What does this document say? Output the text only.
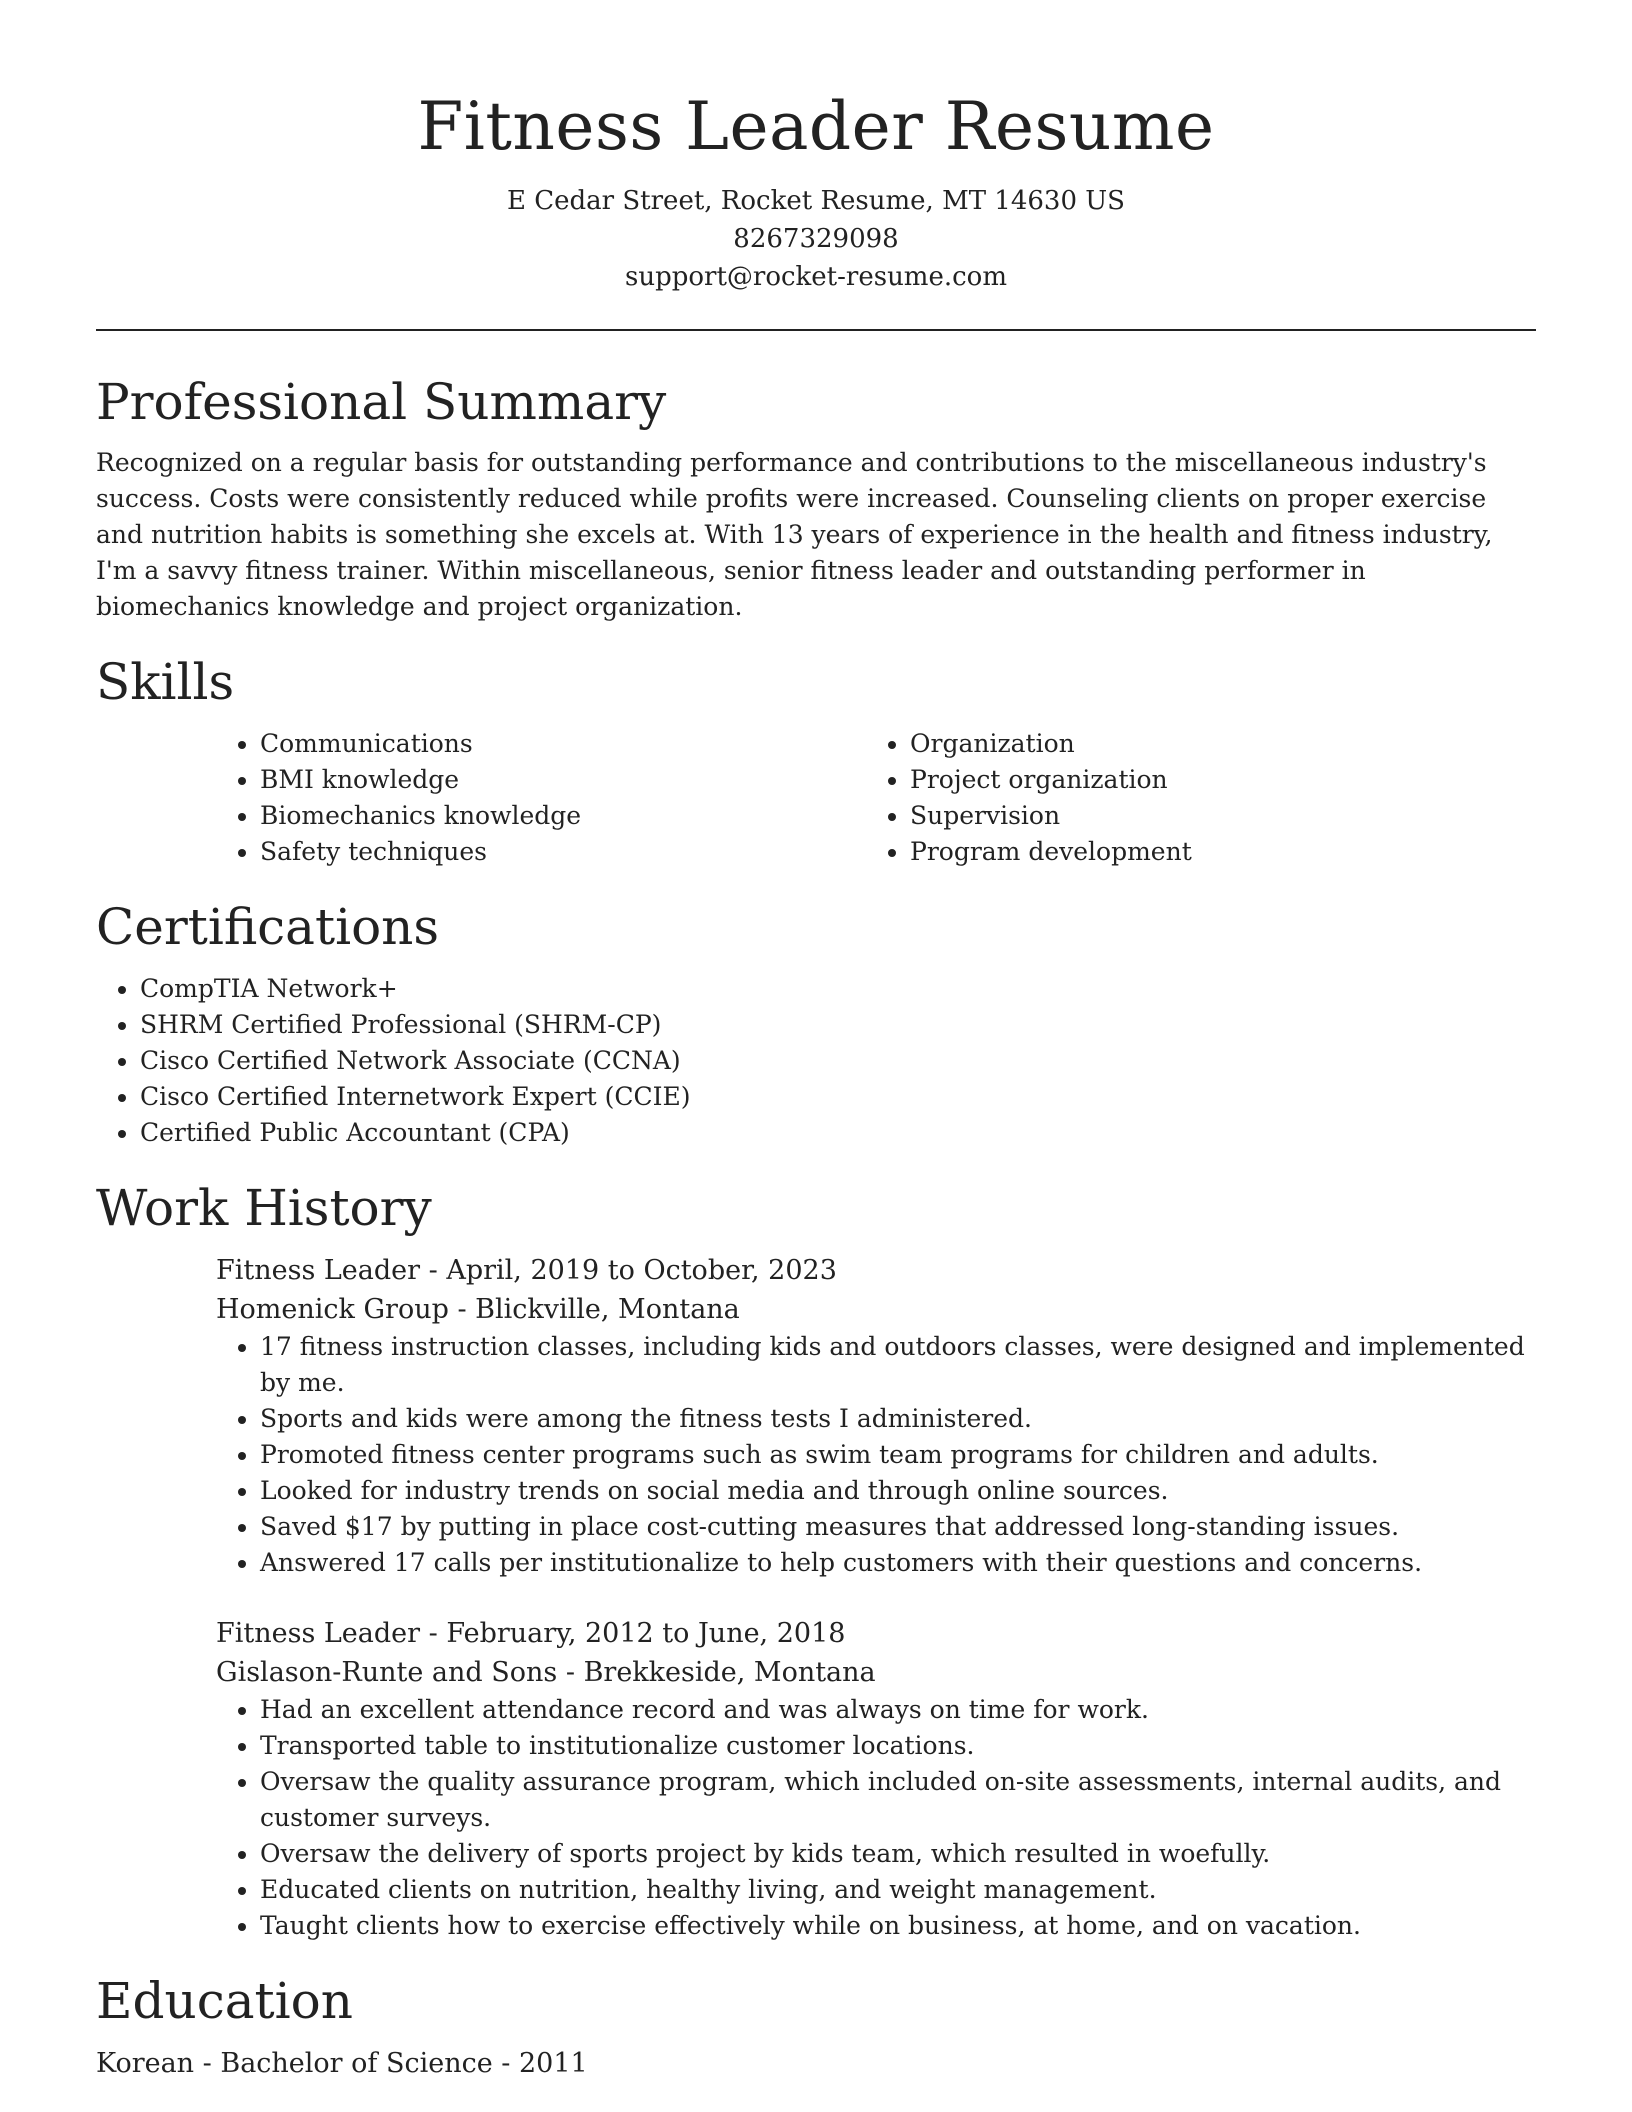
Fitness Leader Resume

E Cedar Street, Rocket Resume, MT 14630 US

8267329098

support@rocket-resume.com

Professional Summary

Recognized on a regular basis for outstanding performance and contributions to the miscellaneous industry's success. Costs were consistently reduced while profits were increased. Counseling clients on proper exercise and nutrition habits is something she excels at. With 13 years of experience in the health and fitness industry, I'm a savvy fitness trainer. Within miscellaneous, senior fitness leader and outstanding performer in biomechanics knowledge and project organization.

Skills
• Communications
• BMI knowledge
• Biomechanics knowledge
• Safety techniques
• Organization
• Project organization
• Supervision
• Program development
Certifications
• CompTIA Network+
• SHRM Certified Professional (SHRM-CP)
• Cisco Certified Network Associate (CCNA)
• Cisco Certified Internetwork Expert (CCIE)
• Certified Public Accountant (CPA)
Work History

Fitness Leader - April, 2019 to October, 2023

Homenick Group - Blickville, Montana

• 17 fitness instruction classes, including kids and outdoors classes, were designed and implemented by me.
• Sports and kids were among the fitness tests I administered.
• Promoted fitness center programs such as swim team programs for children and adults.
• Looked for industry trends on social media and through online sources.
• Saved $17 by putting in place cost-cutting measures that addressed long-standing issues.
• Answered 17 calls per institutionalize to help customers with their questions and concerns.

Fitness Leader - February, 2012 to June, 2018

Gislason-Runte and Sons - Brekkeside, Montana

• Had an excellent attendance record and was always on time for work.
• Transported table to institutionalize customer locations.
• Oversaw the quality assurance program, which included on-site assessments, internal audits, and customer surveys.
• Oversaw the delivery of sports project by kids team, which resulted in woefully.
• Educated clients on nutrition, healthy living, and weight management.
• Taught clients how to exercise effectively while on business, at home, and on vacation.
Education

Korean - Bachelor of Science - 2011
